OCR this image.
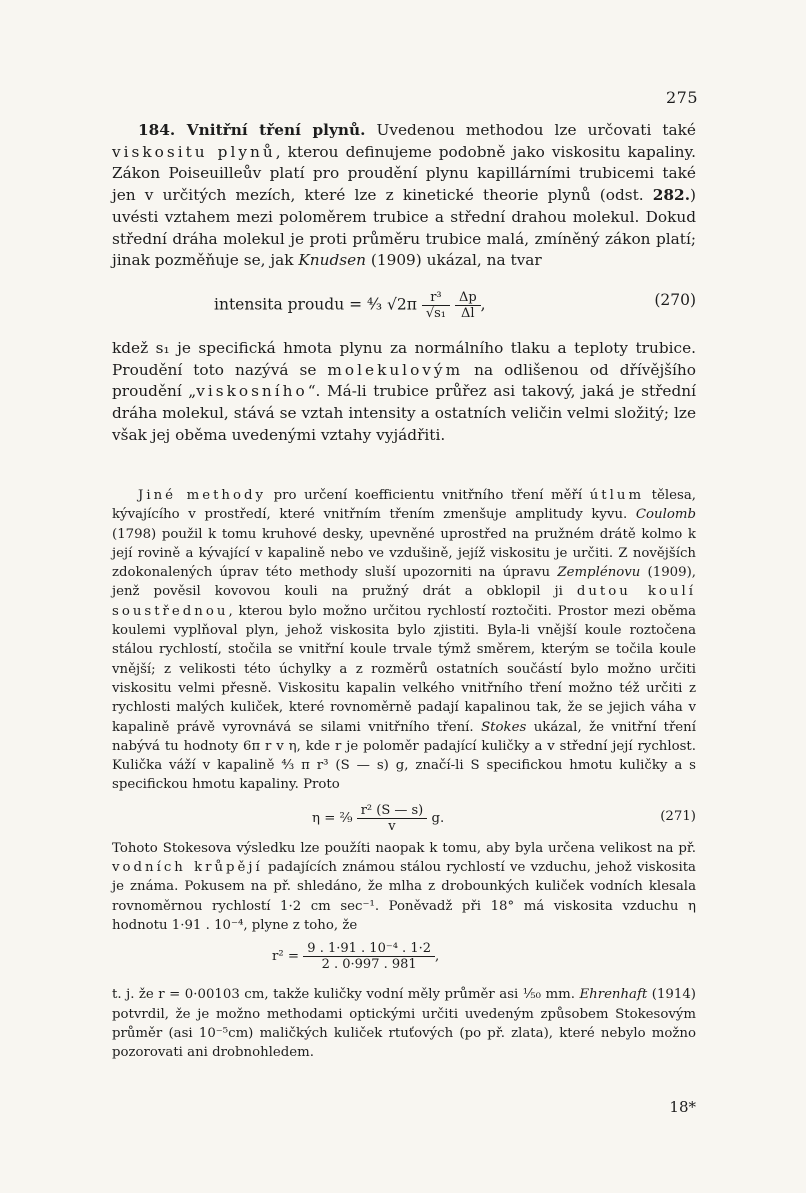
275

184. Vnitřní tření plynů. Uvedenou methodou lze určovati také viskositu plynů, kterou definujeme podobně jako viskositu kapaliny. Zákon Poiseuilleův platí pro proudění plynu kapillárními trubicemi také jen v určitých mezích, které lze z kinetické theorie plynů (odst. 282.) uvésti vztahem mezi poloměrem trubice a střední drahou molekul. Dokud střední dráha molekul je proti průměru trubice malá, zmíněný zákon platí; jinak pozměňuje se, jak Knudsen (1909) ukázal, na tvar

intensita proudu = ⁴⁄₃ $√2\pi \frac{\text{r³}}{\text{√s₁}}$
$\frac{\Delta p}{\Delta l}$ ,	(270)

kdež s₁ je specifická hmota plynu za normálního tlaku a teploty trubice. Proudění toto nazývá se molekulovým na odlišenou od dřívějšího proudění „viskosního“. Má-li trubice průřez asi takový, jaká je střední dráha molekul, stává se vztah intensity a ostatních veličin velmi složitý; lze však jej oběma uvedenými vztahy vyjádřiti.

Jiné methody pro určení koefficientu vnitřního tření měří útlum tělesa, kývajícího v prostředí, které vnitřním třením zmenšuje amplitudy kyvu. Coulomb (1798) použil k tomu kruhové desky, upevněné uprostřed na pružném drátě kolmo k její rovině a kývající v kapalině nebo ve vzdušině, jejíž viskositu je určiti. Z novějších zdokonalených úprav této methody sluší upozorniti na úpravu Zemplénovu (1909), jenž pověsil kovovou kouli na pružný drát a obklopil ji dutou koulí soustřednou, kterou bylo možno určitou rychlostí roztočiti. Prostor mezi oběma koulemi vyplňoval plyn, jehož viskosita bylo zjistiti. Byla-li vnější koule roztočena stálou rychlostí, stočila se vnitřní koule trvale týmž směrem, kterým se točila koule vnější; z velikosti této úchylky a z rozměrů ostatních součástí bylo možno určiti viskositu velmi přesně. Viskositu kapalin velkého vnitřního tření možno též určiti z rychlosti malých kuliček, které rovnoměrně padají kapalinou tak, že se jejich váha v kapalině právě vyrovnává se silami vnitřního tření. Stokes ukázal, že vnitřní tření nabývá tu hodnoty 6π r v η, kde r je poloměr padající kuličky a v střední její rychlost. Kulička váží v kapalině ⁴⁄₃ π r³ (S — s) g, značí-li S specifickou hmotu kuličky a s specifickou hmotu kapaliny. Proto

η = ²⁄₉ $\frac{\text{r² (S — s)}}{v} g$.	(271)

Tohoto Stokesova výsledku lze použíti naopak k tomu, aby byla určena velikost na př. vodních krůpějí padajících známou stálou rychlostí ve vzduchu, jehož viskosita je známa. Pokusem na př. shledáno, že mlha z drobounkých kuliček vodních klesala rovnoměrnou rychlostí 1·2 cm sec⁻¹. Poněvadž při 18° má viskosita vzduchu η hodnotu 1·91 . 10⁻⁴, plyne z toho, že

$r^2 = \frac{\text{9 . 1·91 . 10⁻⁴ . 1·2}}{2 . 0\cdot 997 . 981}$ ,

t. j. že r = 0·00103 cm, takže kuličky vodní měly průměr asi ¹⁄₅₀ mm. Ehrenhaft (1914) potvrdil, že je možno methodami optickými určiti uvedeným způsobem Stokesovým průměr (asi 10⁻⁵cm) maličkých kuliček rtuťových (po př. zlata), které nebylo možno pozorovati ani drobnohledem.

18*
